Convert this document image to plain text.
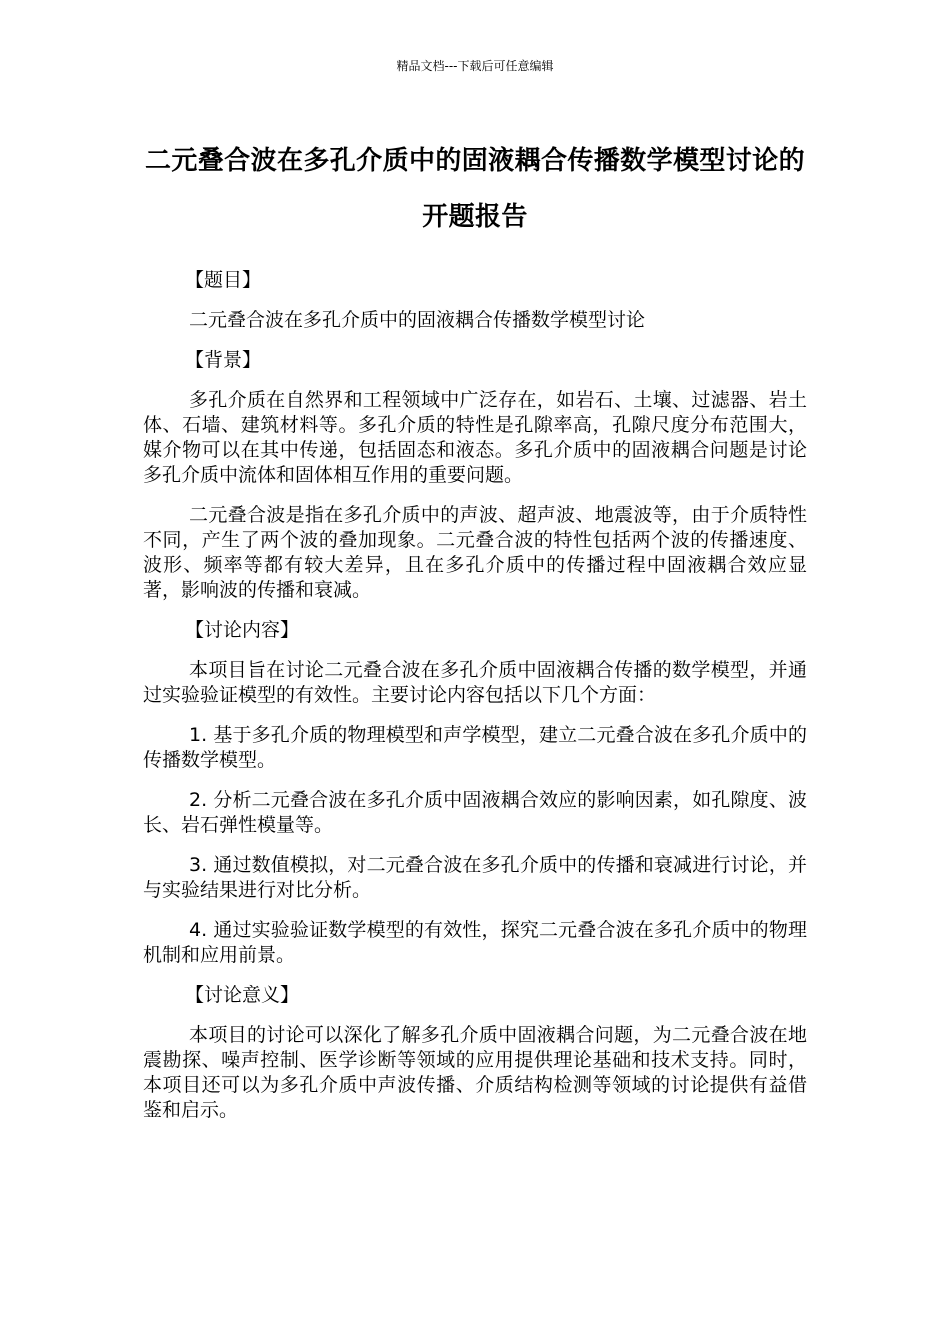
精品文档---下载后可任意编辑
二元叠合波在多孔介质中的固液耦合传播数学模型讨论的开题报告
【题目】
二元叠合波在多孔介质中的固液耦合传播数学模型讨论
【背景】

多孔介质在自然界和工程领域中广泛存在，如岩石、土壤、过滤器、岩土体、石墙、建筑材料等。多孔介质的特性是孔隙率高，孔隙尺度分布范围大，媒介物可以在其中传递，包括固态和液态。多孔介质中的固液耦合问题是讨论多孔介质中流体和固体相互作用的重要问题。

二元叠合波是指在多孔介质中的声波、超声波、地震波等，由于介质特性不同，产生了两个波的叠加现象。二元叠合波的特性包括两个波的传播速度、波形、频率等都有较大差异，且在多孔介质中的传播过程中固液耦合效应显著，影响波的传播和衰减。

【讨论内容】

本项目旨在讨论二元叠合波在多孔介质中固液耦合传播的数学模型，并通过实验验证模型的有效性。主要讨论内容包括以下几个方面：

1. 基于多孔介质的物理模型和声学模型，建立二元叠合波在多孔介质中的传播数学模型。

2. 分析二元叠合波在多孔介质中固液耦合效应的影响因素，如孔隙度、波长、岩石弹性模量等。

3. 通过数值模拟，对二元叠合波在多孔介质中的传播和衰减进行讨论，并与实验结果进行对比分析。

4. 通过实验验证数学模型的有效性，探究二元叠合波在多孔介质中的物理机制和应用前景。

【讨论意义】

本项目的讨论可以深化了解多孔介质中固液耦合问题，为二元叠合波在地震勘探、噪声控制、医学诊断等领域的应用提供理论基础和技术支持。同时，本项目还可以为多孔介质中声波传播、介质结构检测等领域的讨论提供有益借鉴和启示。
